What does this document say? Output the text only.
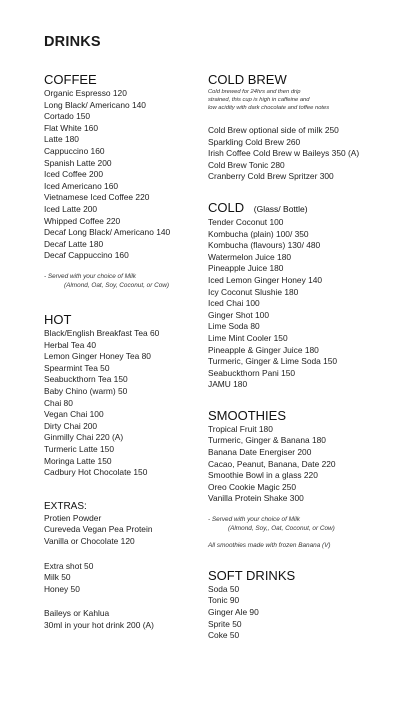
DRINKS
COFFEE
Organic Espresso 120
Long Black/ Americano 140
Cortado 150
Flat White 160
Latte 180
Cappuccino 160
Spanish Latte 200
Iced Coffee 200
Iced Americano 160
Vietnamese Iced Coffee 220
Iced Latte 200
Whipped Coffee 220
Decaf Long Black/ Americano 140
Decaf Latte 180
Decaf Cappuccino 160
- Served with your choice of Milk
(Almond, Oat, Soy, Coconut, or Cow)
HOT
Black/English Breakfast Tea 60
Herbal Tea 40
Lemon Ginger Honey Tea 80
Spearmint Tea 50
Seabuckthorn Tea 150
Baby Chino (warm) 50
Chai 80
Vegan Chai 100
Dirty Chai 200
Ginmilly Chai 220 (A)
Turmeric Latte 150
Moringa Latte 150
Cadbury Hot Chocolate 150
EXTRAS:
Protien Powder
Cureveda Vegan Pea Protein
Vanilla or Chocolate 120
Extra shot 50
Milk 50
Honey 50
Baileys or Kahlua
30ml in your hot drink 200 (A)
COLD BREW
Cold brewed for 24hrs and then drip
strained, this cup is high in caffeine and
low acidity with dark chocolate and toffee notes
Cold Brew optional side of milk 250
Sparkling Cold Brew 260
Irish Coffee Cold Brew w Baileys 350 (A)
Cold Brew Tonic 280
Cranberry Cold Brew Spritzer 300
COLD (Glass/ Bottle)
Tender Coconut 100
Kombucha (plain) 100/ 350
Kombucha (flavours) 130/ 480
Watermelon Juice 180
Pineapple Juice 180
Iced Lemon Ginger Honey 140
Icy Coconut Slushie 180
Iced Chai 100
Ginger Shot 100
Lime Soda 80
Lime Mint Cooler 150
Pineapple & Ginger Juice 180
Turmeric, Ginger & Lime Soda 150
Seabuckthorn Pani 150
JAMU 180
SMOOTHIES
Tropical Fruit 180
Turmeric, Ginger & Banana 180
Banana Date Energiser 200
Cacao, Peanut, Banana, Date 220
Smoothie Bowl in a glass 220
Oreo Cookie Magic 250
Vanilla Protein Shake 300
- Served with your choice of Milk
(Almond, Soy,, Oat, Coconut, or Cow)
All smoothies made with frozen Banana (V)
SOFT DRINKS
Soda 50
Tonic 90
Ginger Ale 90
Sprite 50
Coke 50
